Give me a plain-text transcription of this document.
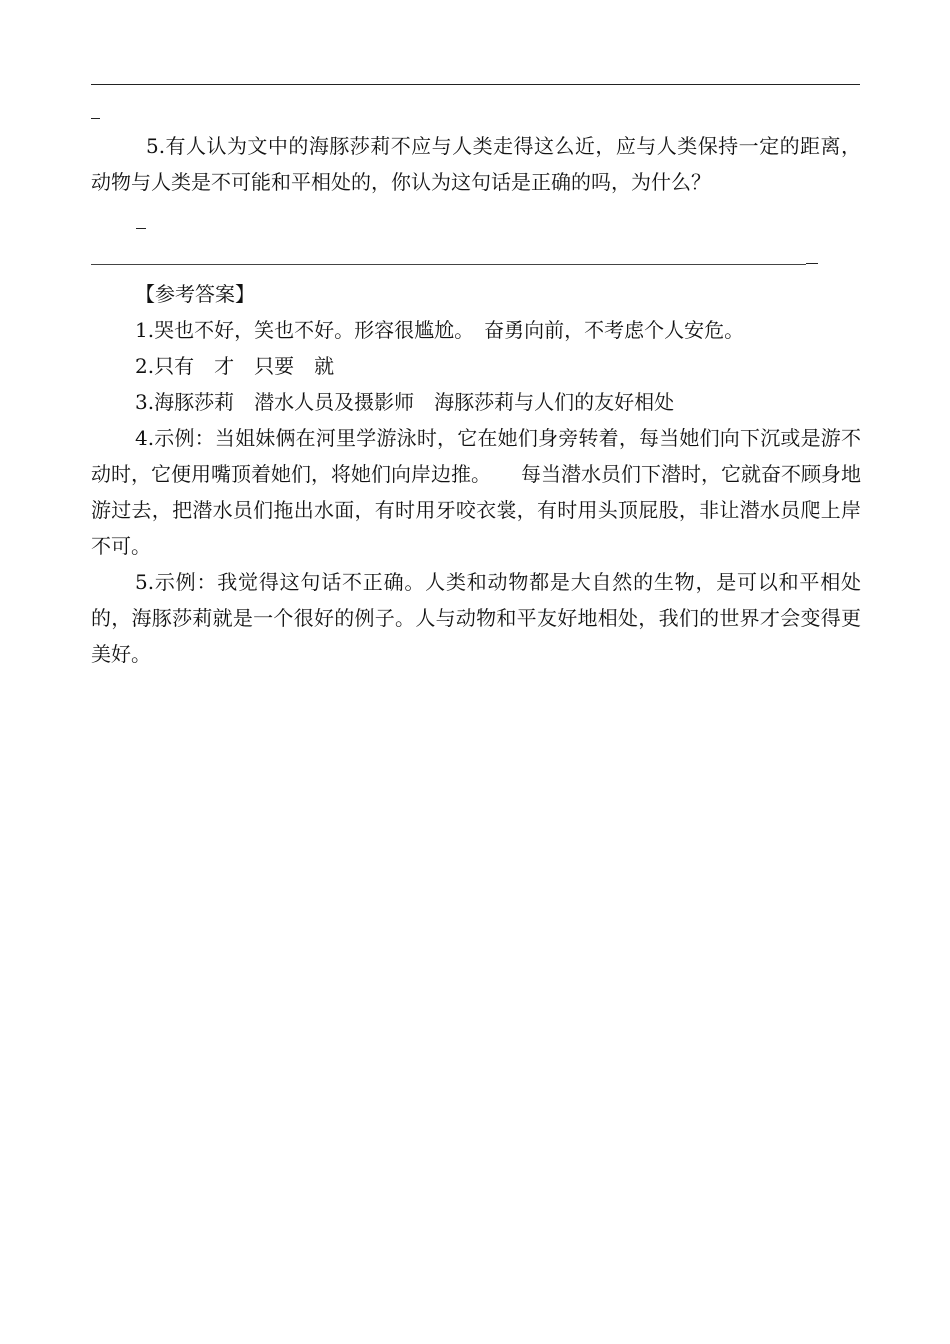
5.有人认为文中的海豚莎莉不应与人类走得这么近，应与人类保持一定的距离，动物与人类是不可能和平相处的，你认为这句话是正确的吗，为什么？

【参考答案】

1.哭也不好，笑也不好。形容很尴尬。　奋勇向前，不考虑个人安危。

2.只有　才　只要　就

3.海豚莎莉　潜水人员及摄影师　海豚莎莉与人们的友好相处

4.示例：当姐妹俩在河里学游泳时，它在她们身旁转着，每当她们向下沉或是游不动时，它便用嘴顶着她们，将她们向岸边推。　　每当潜水员们下潜时，它就奋不顾身地游过去，把潜水员们拖出水面，有时用牙咬衣裳，有时用头顶屁股，非让潜水员爬上岸不可。

5.示例：我觉得这句话不正确。人类和动物都是大自然的生物，是可以和平相处的，海豚莎莉就是一个很好的例子。人与动物和平友好地相处，我们的世界才会变得更美好。
